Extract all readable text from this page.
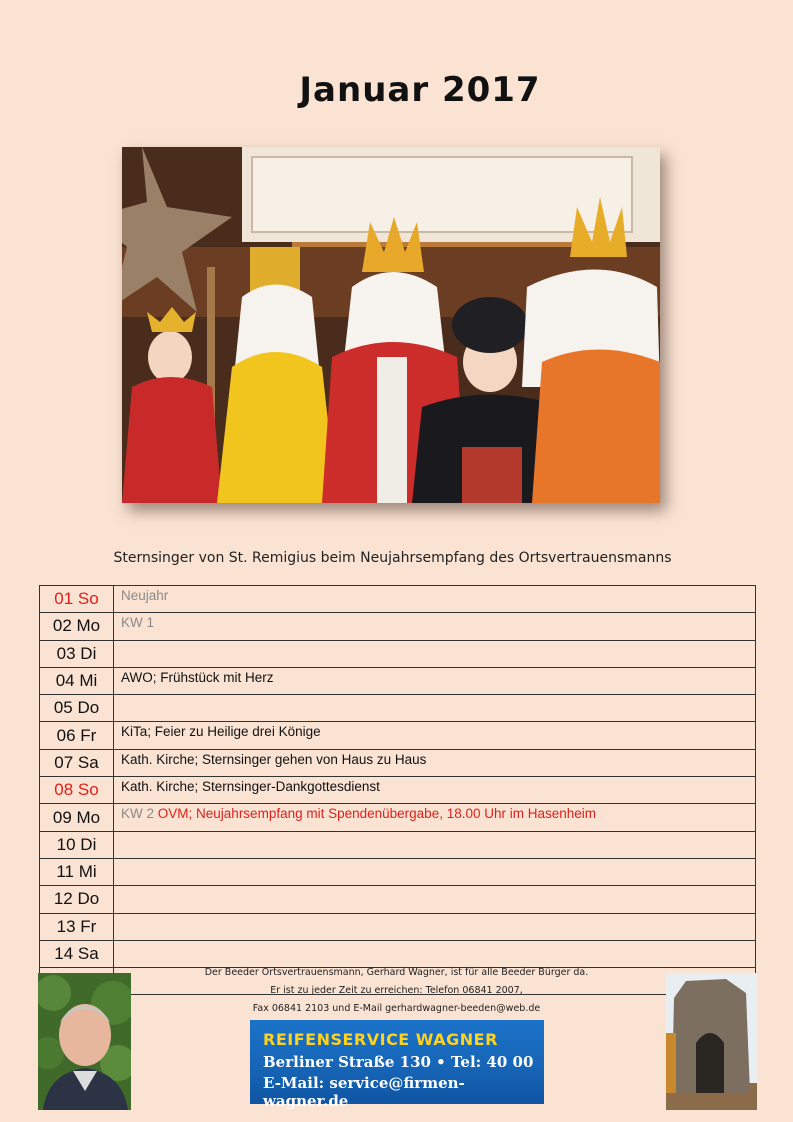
Januar 2017
Sternsinger von St. Remigius beim Neujahrsempfang des Ortsvertrauensmanns
01 So	Neujahr
02 Mo	KW 1
03 Di	
04 Mi	AWO; Frühstück mit Herz
05 Do	
06 Fr	KiTa; Feier zu Heilige drei Könige
07 Sa	Kath. Kirche; Sternsinger gehen von Haus zu Haus
08 So	Kath. Kirche; Sternsinger-Dankgottesdienst
09 Mo	KW 2 OVM; Neujahrsempfang mit Spendenübergabe, 18.00 Uhr im Hasenheim
10 Di	
11 Mi	
12 Do	
13 Fr	
14 Sa	

Der Beeder Ortsvertrauensmann, Gerhard Wagner, ist für alle Beeder Bürger da.
Er ist zu jeder Zeit zu erreichen: Telefon 06841 2007,
Fax 06841 2103 und E-Mail gerhardwagner-beeden@web.de
REIFENSERVICE WAGNER
Berliner Straße 130 • Tel: 40 00
E-Mail: service@firmen-wagner.de
